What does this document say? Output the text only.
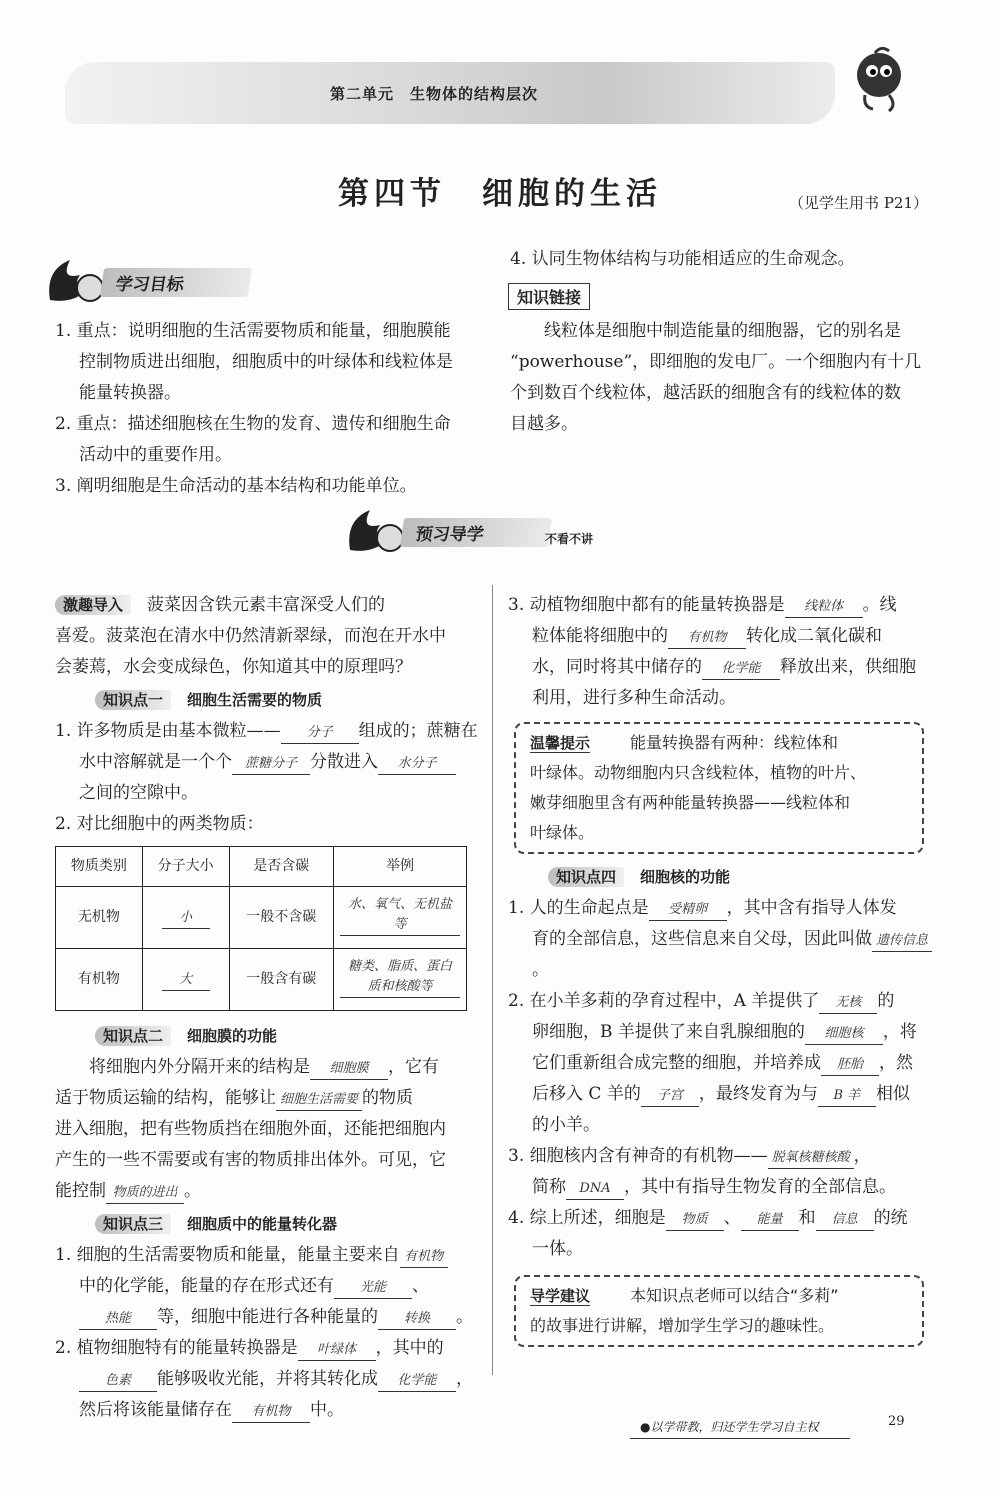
第二单元　生物体的结构层次
第四节　细胞的生活	（见学生用书 P21）
学习目标
1. 重点：说明细胞的生活需要物质和能量，细胞膜能
控制物质进出细胞，细胞质中的叶绿体和线粒体是
能量转换器。
2. 重点：描述细胞核在生物的发育、遗传和细胞生命
活动中的重要作用。
3. 阐明细胞是生命活动的基本结构和功能单位。
4. 认同生物体结构与功能相适应的生命观念。
知识链接
线粒体是细胞中制造能量的细胞器，它的别名是
“powerhouse”，即细胞的发电厂。一个细胞内有十几
个到数百个线粒体，越活跃的细胞含有的线粒体的数
目越多。
预习导学	不看不讲
激趣导入 菠菜因含铁元素丰富深受人们的
喜爱。菠菜泡在清水中仍然清新翠绿，而泡在开水中
会萎蔫，水会变成绿色，你知道其中的原理吗？
知识点一 细胞生活需要的物质
1. 许多物质是由基本微粒—— 分子 组成的；蔗糖在
水中溶解就是一个个 蔗糖分子 分散进入 水分子
之间的空隙中。
2. 对比细胞中的两类物质：
物质类别	分子大小	是否含碳	举例
无机物	小	一般不含碳	水、氧气、无机盐等
有机物	大	一般含有碳	糖类、脂质、蛋白质和核酸等
知识点二 细胞膜的功能
将细胞内外分隔开来的结构是 细胞膜 ，它有
适于物质运输的结构，能够让 细胞生活需要 的物质
进入细胞，把有些物质挡在细胞外面，还能把细胞内
产生的一些不需要或有害的物质排出体外。可见，它
能控制 物质的进出 。
知识点三 细胞质中的能量转化器
1. 细胞的生活需要物质和能量，能量主要来自 有机物
中的化学能，能量的存在形式还有 光能 、
热能 等，细胞中能进行各种能量的 转换 。
2. 植物细胞特有的能量转换器是 叶绿体 ，其中的
色素 能够吸收光能，并将其转化成 化学能 ，
然后将该能量储存在 有机物 中。
3. 动植物细胞中都有的能量转换器是 线粒体 。线
粒体能将细胞中的 有机物 转化成二氧化碳和
水，同时将其中储存的 化学能 释放出来，供细胞
利用，进行多种生命活动。
温馨提示	能量转换器有两种：线粒体和
叶绿体。动物细胞内只含线粒体，植物的叶片、
嫩芽细胞里含有两种能量转换器——线粒体和
叶绿体。
知识点四 细胞核的功能
1. 人的生命起点是 受精卵 ，其中含有指导人体发
育的全部信息，这些信息来自父母，因此叫做 遗传信息。
2. 在小羊多莉的孕育过程中，A 羊提供了 无核 的
卵细胞，B 羊提供了来自乳腺细胞的 细胞核 ，将
它们重新组合成完整的细胞，并培养成 胚胎 ，然
后移入 C 羊的 子宫 ，最终发育为与 B 羊 相似
的小羊。
3. 细胞核内含有神奇的有机物—— 脱氧核糖核酸 ，
简称 DNA ，其中有指导生物发育的全部信息。
4. 综上所述，细胞是 物质 、 能量 和 信息 的统
一体。
导学建议	本知识点老师可以结合“多莉”
的故事进行讲解，增加学生学习的趣味性。
●以学带教，归还学生学习自主权	29
